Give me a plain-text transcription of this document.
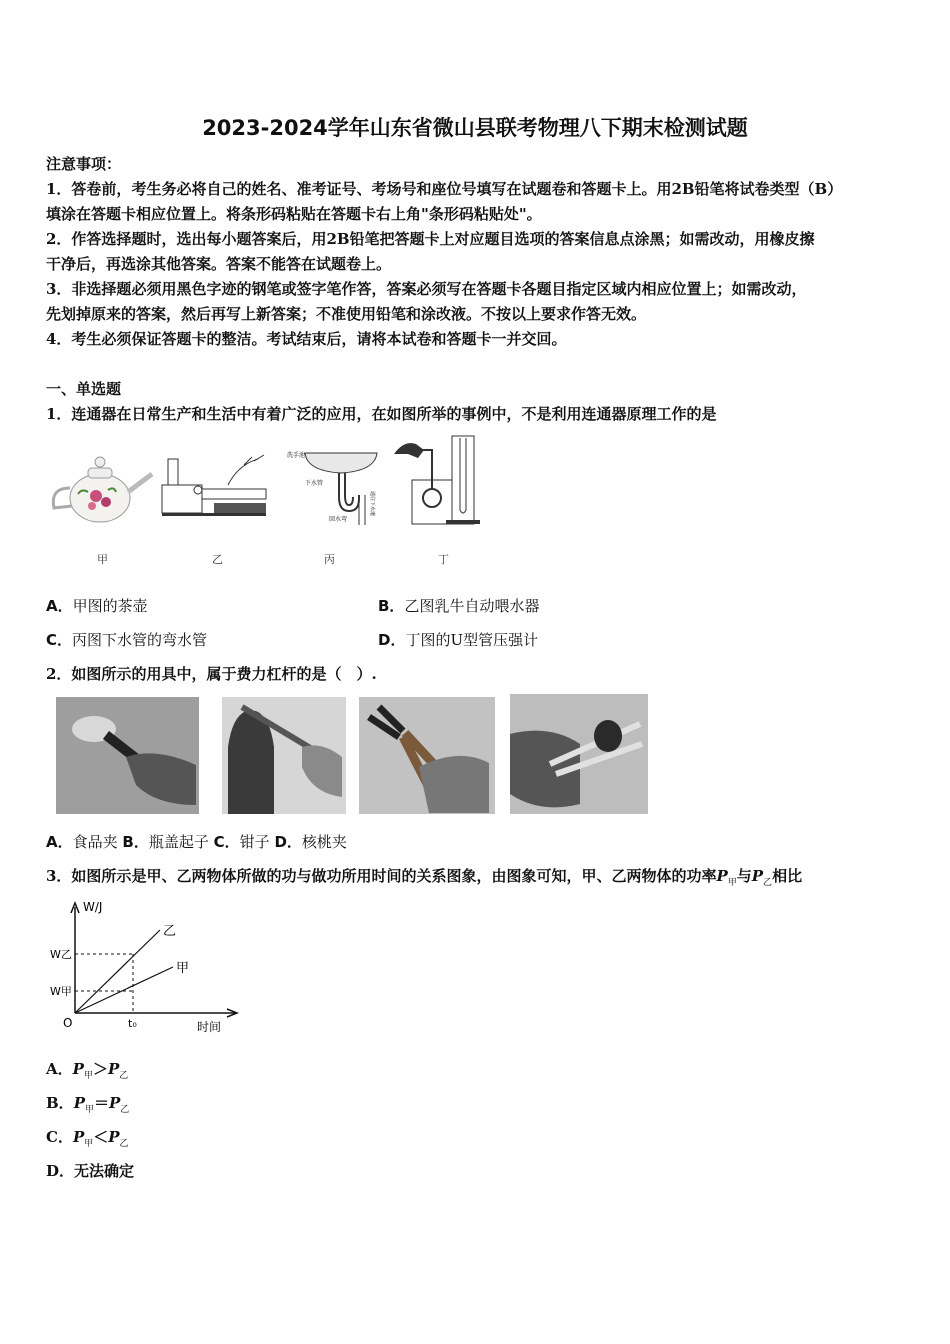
2023-2024学年山东省微山县联考物理八下期末检测试题
注意事项：
1．答卷前，考生务必将自己的姓名、准考证号、考场号和座位号填写在试题卷和答题卡上。用2B铅笔将试卷类型（B）
填涂在答题卡相应位置上。将条形码粘贴在答题卡右上角"条形码粘贴处"。
2．作答选择题时，选出每小题答案后，用2B铅笔把答题卡上对应题目选项的答案信息点涂黑；如需改动，用橡皮擦
干净后，再选涂其他答案。答案不能答在试题卷上。
3．非选择题必须用黑色字迹的钢笔或签字笔作答，答案必须写在答题卡各题目指定区域内相应位置上；如需改动，
先划掉原来的答案，然后再写上新答案；不准使用铅笔和涂改液。不按以上要求作答无效。
4．考生必须保证答题卡的整洁。考试结束后，请将本试卷和答题卡一并交回。
一、单选题
1．连通器在日常生产和生活中有着广泛的应用，在如图所举的事例中，不是利用连通器原理工作的是
洗手池
下水管
回水弯
通往下水道
甲	乙	丙	丁
A．甲图的茶壶	B．乙图乳牛自动喂水器
C．丙图下水管的弯水管	D．丁图的U型管压强计
2．如图所示的用具中，属于费力杠杆的是（　）.
A．食品夹 B．瓶盖起子 C．钳子 D．核桃夹
3．如图所示是甲、乙两物体所做的功与做功所用时间的关系图象，由图象可知，甲、乙两物体的功率$P_甲$与$P_乙$相比
W/J
时间
O	t₀
W乙
W甲
乙
甲
A．$P_甲>P_乙$
B．$P_甲=P_乙$
C．$P_甲<P_乙$
D．无法确定
